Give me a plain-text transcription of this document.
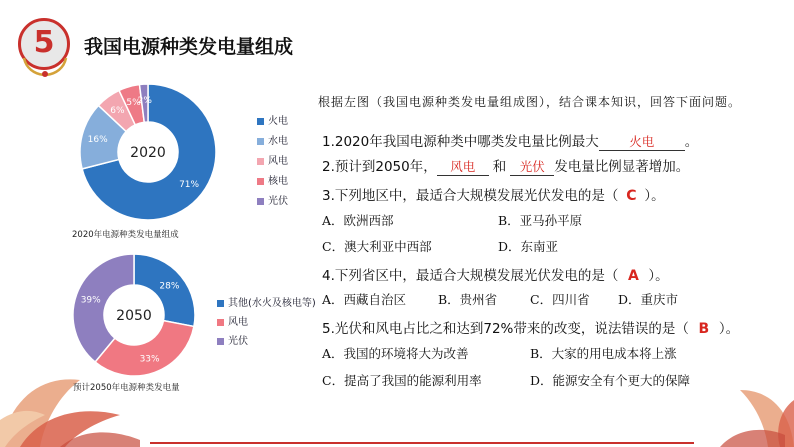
5	我国电源种类发电量组成
71%
16%
6%
5%
2%
2020
火电
水电
风电
核电
光伏
2020年电源种类发电量组成
28%
33%
39%
2050
其他(水火及核电等)
风电
光伏
预计2050年电源种类发电量
根据左图（我国电源种类发电量组成图），结合课本知识，回答下面问题。
1.2020年我国电源种类中哪类发电量比例最大 火电 。
2.预计到2050年， 风电 和 光伏 发电量比例显著增加。
3.下列地区中，最适合大规模发展光伏发电的是（ C ）。
A．欧洲西部	B．亚马孙平原
C．澳大利亚中西部	D．东南亚
4.下列省区中，最适合大规模发展光伏发电的是（ A ）。
A．西藏自治区	B．贵州省	C．四川省 D．重庆市
5.光伏和风电占比之和达到72%带来的改变，说法错误的是（ B ）。
A．我国的环境将大为改善	B．大家的用电成本将上涨
C．提高了我国的能源利用率	D．能源安全有个更大的保障
